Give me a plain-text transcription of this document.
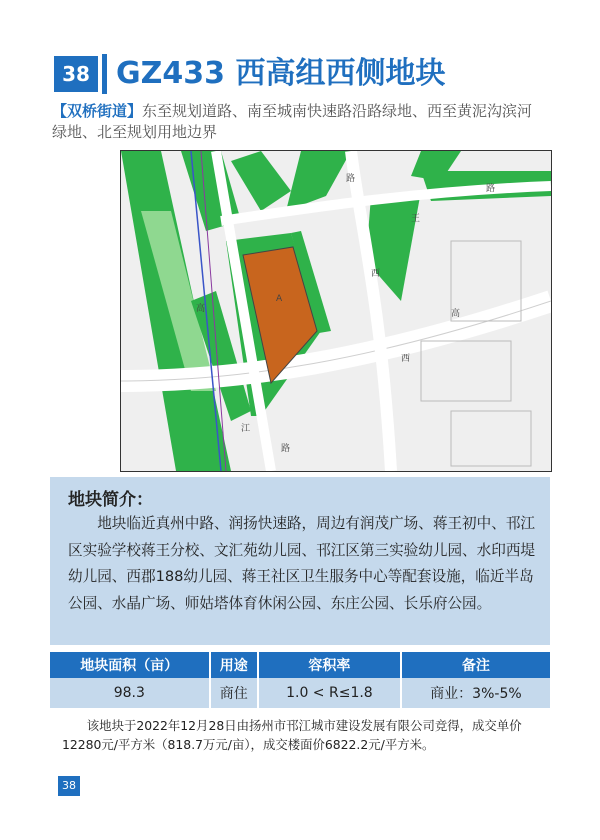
38 GZ433 西高组西侧地块
【双桥街道】东至规划道路、南至城南快速路沿路绿地、西至黄泥沟滨河绿地、北至规划用地边界
A
王
西
高
西
路
路
高
江
路
地块简介：
地块临近真州中路、润扬快速路，周边有润茂广场、蒋王初中、邗江区实验学校蒋王分校、文汇苑幼儿园、邗江区第三实验幼儿园、水印西堤幼儿园、西郡188幼儿园、蒋王社区卫生服务中心等配套设施，临近半岛公园、水晶广场、师姑塔体育休闲公园、东庄公园、长乐府公园。
地块面积（亩）	用途	容积率	备注
98.3	商住	1.0 < R≤1.8	商业：3%-5%
该地块于2022年12月28日由扬州市邗江城市建设发展有限公司竞得，成交单价12280元/平方米（818.7万元/亩），成交楼面价6822.2元/平方米。
38
